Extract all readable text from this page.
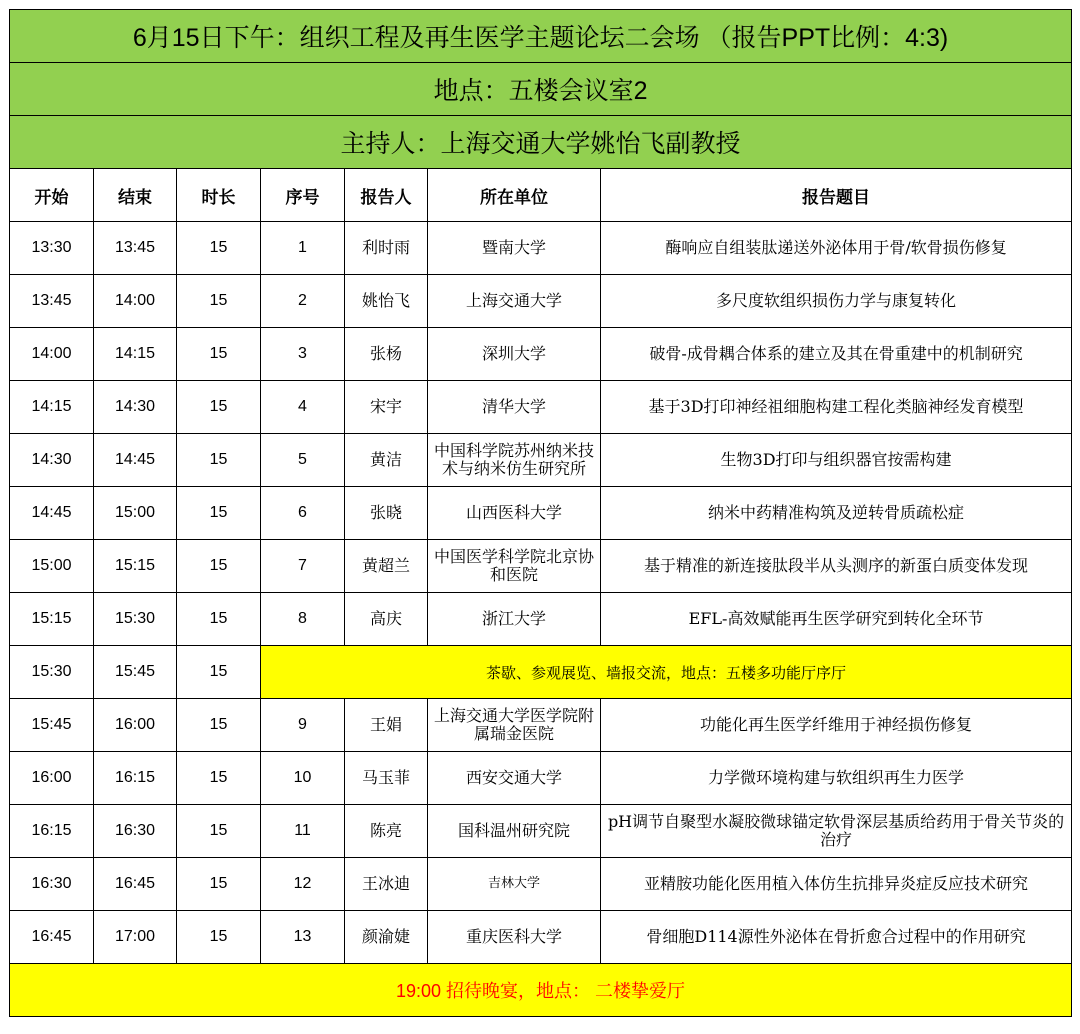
6月15日下午：组织工程及再生医学主题论坛二会场 （报告PPT比例：4:3)						
地点：五楼会议室2						
主持人：上海交通大学姚怡飞副教授						
开始	结束	时长	序号	报告人	所在单位	报告题目
13:30	13:45	15	1	利时雨	暨南大学	酶响应自组装肽递送外泌体用于骨/软骨损伤修复
13:45	14:00	15	2	姚怡飞	上海交通大学	多尺度软组织损伤力学与康复转化
14:00	14:15	15	3	张杨	深圳大学	破骨-成骨耦合体系的建立及其在骨重建中的机制研究
14:15	14:30	15	4	宋宇	清华大学	基于3D打印神经祖细胞构建工程化类脑神经发育模型
14:30	14:45	15	5	黄洁	中国科学院苏州纳米技术与纳米仿生研究所	生物3D打印与组织器官按需构建
14:45	15:00	15	6	张晓	山西医科大学	纳米中药精准构筑及逆转骨质疏松症
15:00	15:15	15	7	黄超兰	中国医学科学院北京协和医院	基于精准的新连接肽段半从头测序的新蛋白质变体发现
15:15	15:30	15	8	高庆	浙江大学	EFL-高效赋能再生医学研究到转化全环节
15:30	15:45	15	茶歇、参观展览、墙报交流，地点：五楼多功能厅序厅			
15:45	16:00	15	9	王娟	上海交通大学医学院附属瑞金医院	功能化再生医学纤维用于神经损伤修复
16:00	16:15	15	10	马玉菲	西安交通大学	力学微环境构建与软组织再生力医学
16:15	16:30	15	11	陈亮	国科温州研究院	pH调节自聚型水凝胶微球锚定软骨深层基质给药用于骨关节炎的治疗
16:30	16:45	15	12	王冰迪	吉林大学	亚精胺功能化医用植入体仿生抗排异炎症反应技术研究
16:45	17:00	15	13	颜渝婕	重庆医科大学	骨细胞D114源性外泌体在骨折愈合过程中的作用研究
19:00 招待晚宴，地点： 二楼挚爱厅						
